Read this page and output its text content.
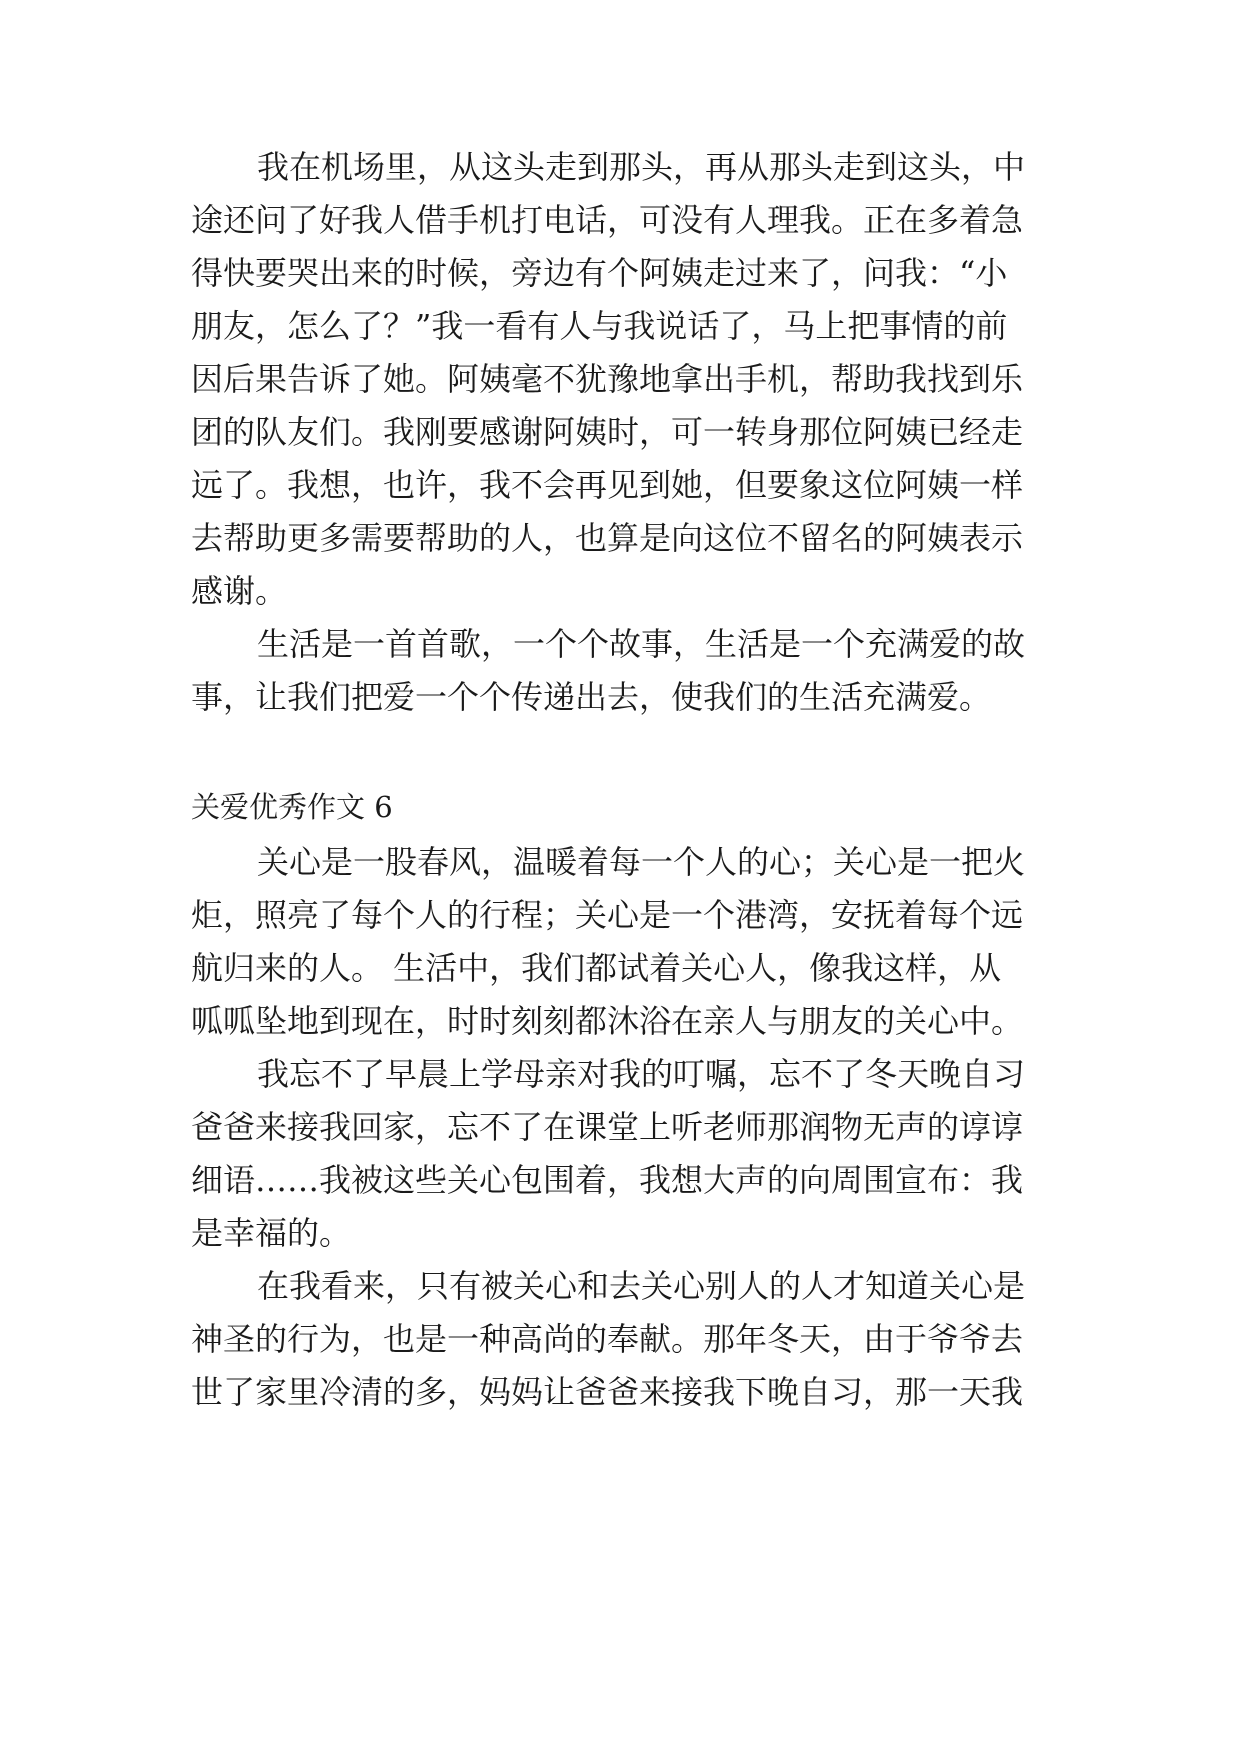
我在机场里，从这头走到那头，再从那头走到这头，中
途还问了好我人借手机打电话，可没有人理我。正在多着急
得快要哭出来的时候，旁边有个阿姨走过来了，问我：“小
朋友，怎么了？”我一看有人与我说话了，马上把事情的前
因后果告诉了她。阿姨毫不犹豫地拿出手机，帮助我找到乐
团的队友们。我刚要感谢阿姨时，可一转身那位阿姨已经走
远了。我想，也许，我不会再见到她，但要象这位阿姨一样
去帮助更多需要帮助的人，也算是向这位不留名的阿姨表示
感谢。
生活是一首首歌，一个个故事，生活是一个充满爱的故
事，让我们把爱一个个传递出去，使我们的生活充满爱。
关爱优秀作文 6
关心是一股春风，温暖着每一个人的心；关心是一把火
炬，照亮了每个人的行程；关心是一个港湾，安抚着每个远
航归来的人。 生活中，我们都试着关心人，像我这样，从
呱呱坠地到现在，时时刻刻都沐浴在亲人与朋友的关心中。
我忘不了早晨上学母亲对我的叮嘱，忘不了冬天晚自习
爸爸来接我回家，忘不了在课堂上听老师那润物无声的谆谆
细语……我被这些关心包围着，我想大声的向周围宣布：我
是幸福的。
在我看来，只有被关心和去关心别人的人才知道关心是
神圣的行为，也是一种高尚的奉献。那年冬天，由于爷爷去
世了家里冷清的多，妈妈让爸爸来接我下晚自习，那一天我
